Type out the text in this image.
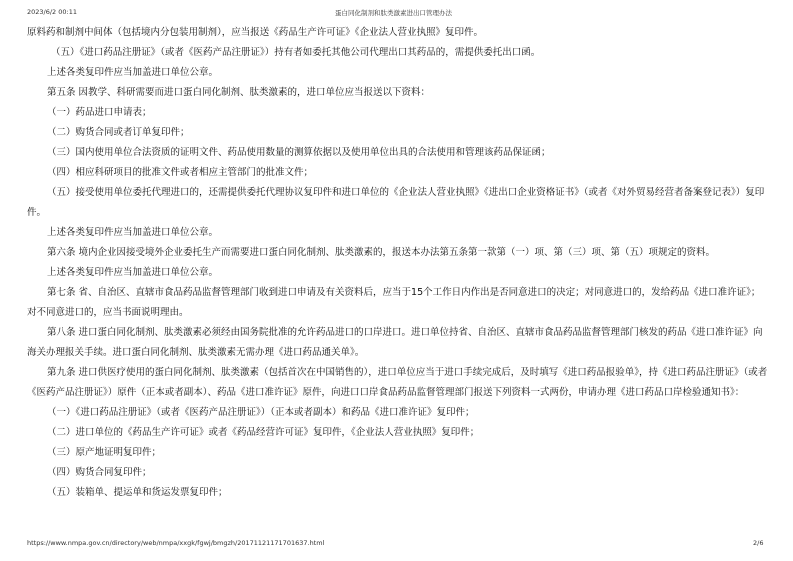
2023/6/2 00:11	蛋白同化制剂和肽类激素进出口管理办法

原料药和制剂中间体（包括境内分包装用制剂），应当报送《药品生产许可证》《企业法人营业执照》复印件。

（五）《进口药品注册证》（或者《医药产品注册证》）持有者如委托其他公司代理出口其药品的，需提供委托出口函。

上述各类复印件应当加盖进口单位公章。

第五条 因教学、科研需要而进口蛋白同化制剂、肽类激素的，进口单位应当报送以下资料：

（一）药品进口申请表；

（二）购货合同或者订单复印件；

（三）国内使用单位合法资质的证明文件、药品使用数量的测算依据以及使用单位出具的合法使用和管理该药品保证函；

（四）相应科研项目的批准文件或者相应主管部门的批准文件；

（五）接受使用单位委托代理进口的，还需提供委托代理协议复印件和进口单位的《企业法人营业执照》《进出口企业资格证书》（或者《对外贸易经营者备案登记表》）复印件。

上述各类复印件应当加盖进口单位公章。

第六条 境内企业因接受境外企业委托生产而需要进口蛋白同化制剂、肽类激素的，报送本办法第五条第一款第（一）项、第（三）项、第（五）项规定的资料。

上述各类复印件应当加盖进口单位公章。

第七条 省、自治区、直辖市食品药品监督管理部门收到进口申请及有关资料后，应当于15个工作日内作出是否同意进口的决定；对同意进口的，发给药品《进口准许证》；对不同意进口的，应当书面说明理由。

第八条 进口蛋白同化制剂、肽类激素必须经由国务院批准的允许药品进口的口岸进口。进口单位持省、自治区、直辖市食品药品监督管理部门核发的药品《进口准许证》向海关办理报关手续。进口蛋白同化制剂、肽类激素无需办理《进口药品通关单》。

第九条 进口供医疗使用的蛋白同化制剂、肽类激素（包括首次在中国销售的），进口单位应当于进口手续完成后，及时填写《进口药品报验单》，持《进口药品注册证》（或者《医药产品注册证》）原件（正本或者副本）、药品《进口准许证》原件，向进口口岸食品药品监督管理部门报送下列资料一式两份，申请办理《进口药品口岸检验通知书》：

（一）《进口药品注册证》（或者《医药产品注册证》）（正本或者副本）和药品《进口准许证》复印件；

（二）进口单位的《药品生产许可证》或者《药品经营许可证》复印件，《企业法人营业执照》复印件；

（三）原产地证明复印件；

（四）购货合同复印件；

（五）装箱单、提运单和货运发票复印件；

https://www.nmpa.gov.cn/directory/web/nmpa/xxgk/fgwj/bmgzh/20171121171701637.html	2/6
